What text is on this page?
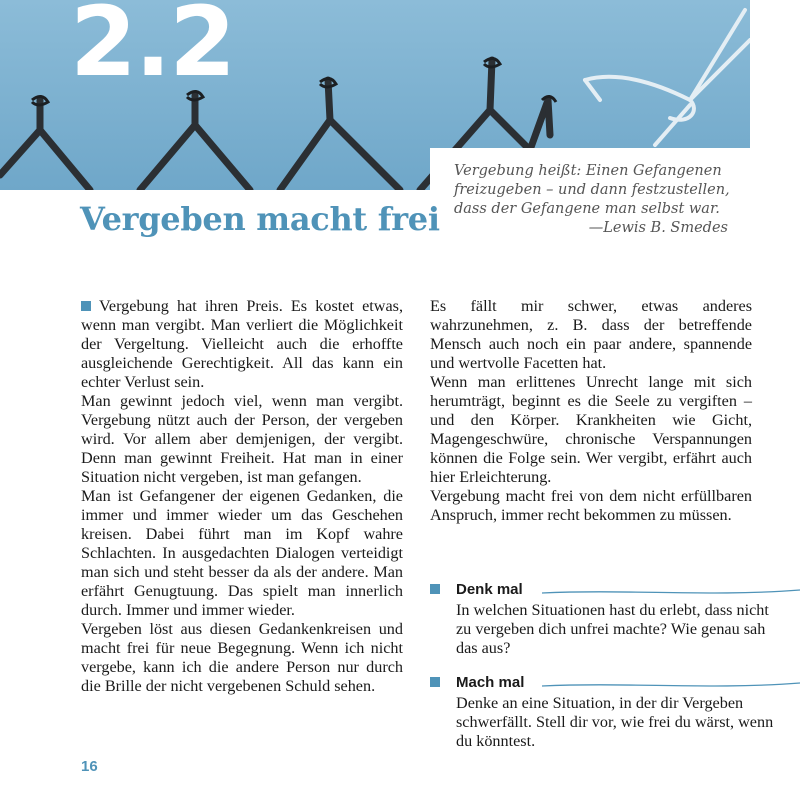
2.2
Vergebung heißt: Einen Gefangenen
freizugeben – und dann festzustellen,
dass der Gefangene man selbst war.
—Lewis B. Smedes
Vergeben macht frei

Vergebung hat ihren Preis. Es kostet etwas, wenn man vergibt. Man verliert die Möglichkeit der Vergeltung. Vielleicht auch die erhoffte ausgleichende Gerechtigkeit. All das kann ein echter Verlust sein.

Man gewinnt jedoch viel, wenn man vergibt. Vergebung nützt auch der Person, der vergeben wird. Vor allem aber demjenigen, der vergibt. Denn man gewinnt Freiheit. Hat man in einer Situation nicht vergeben, ist man gefangen.

Man ist Gefangener der eigenen Gedanken, die immer und immer wieder um das Geschehen kreisen. Dabei führt man im Kopf wahre Schlachten. In ausgedachten Dialogen verteidigt man sich und steht besser da als der andere. Man erfährt Genugtuung. Das spielt man innerlich durch. Immer und immer wieder.

Vergeben löst aus diesen Gedankenkreisen und macht frei für neue Begegnung. Wenn ich nicht vergebe, kann ich die andere Person nur durch die Brille der nicht vergebenen Schuld sehen.

Es fällt mir schwer, etwas anderes wahrzunehmen, z. B. dass der betreffende Mensch auch noch ein paar andere, spannende und wertvolle Facetten hat.

Wenn man erlittenes Unrecht lange mit sich herumträgt, beginnt es die Seele zu vergiften – und den Körper. Krankheiten wie Gicht, Magengeschwüre, chronische Verspannungen können die Folge sein. Wer vergibt, erfährt auch hier Erleichterung.

Vergebung macht frei von dem nicht erfüllbaren Anspruch, immer recht bekommen zu müssen.

Denk mal
In welchen Situationen hast du erlebt, dass nicht zu vergeben dich unfrei machte? Wie genau sah das aus?
Mach mal
Denke an eine Situation, in der dir Vergeben schwerfällt. Stell dir vor, wie frei du wärst, wenn du könntest.
16
